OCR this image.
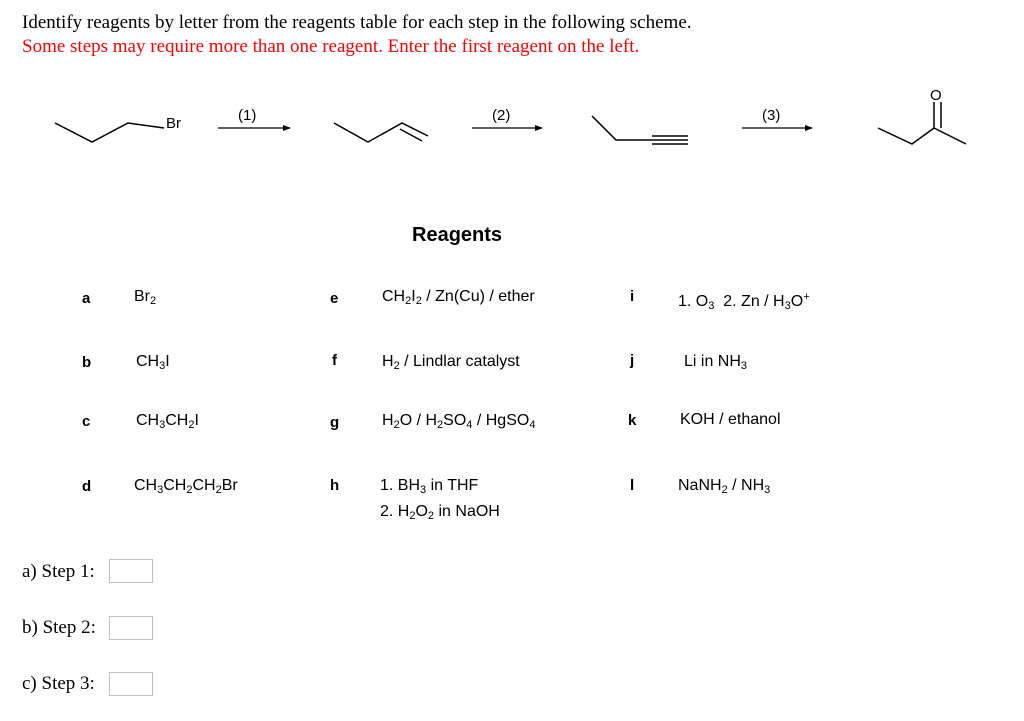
Identify reagents by letter from the reagents table for each step in the following scheme.
Some steps may require more than one reagent. Enter the first reagent on the left.
Br	(1)	(2)	(3)
O
Reagents
a	$Br_2$
b	$CH_3I$
c	$CH_3CH_2I$
d	$CH_3CH_2CH_2Br$
e	$CH_2I_2 / Zn(Cu)$ / ether
f	$H_2$ / Lindlar catalyst
g	$H_2O / H_2SO_4$ / HgSO$_4$
h	1. $BH_3$ in THF
2. $H_2O_2$ in NaOH
i	1. $O_3$  2. Zn / $H_3O^+$
j	Li in $NH_3$
k	KOH / ethanol
l	NaNH$_2$ / $NH_3$
a) Step 1:
b) Step 2:
c) Step 3:
